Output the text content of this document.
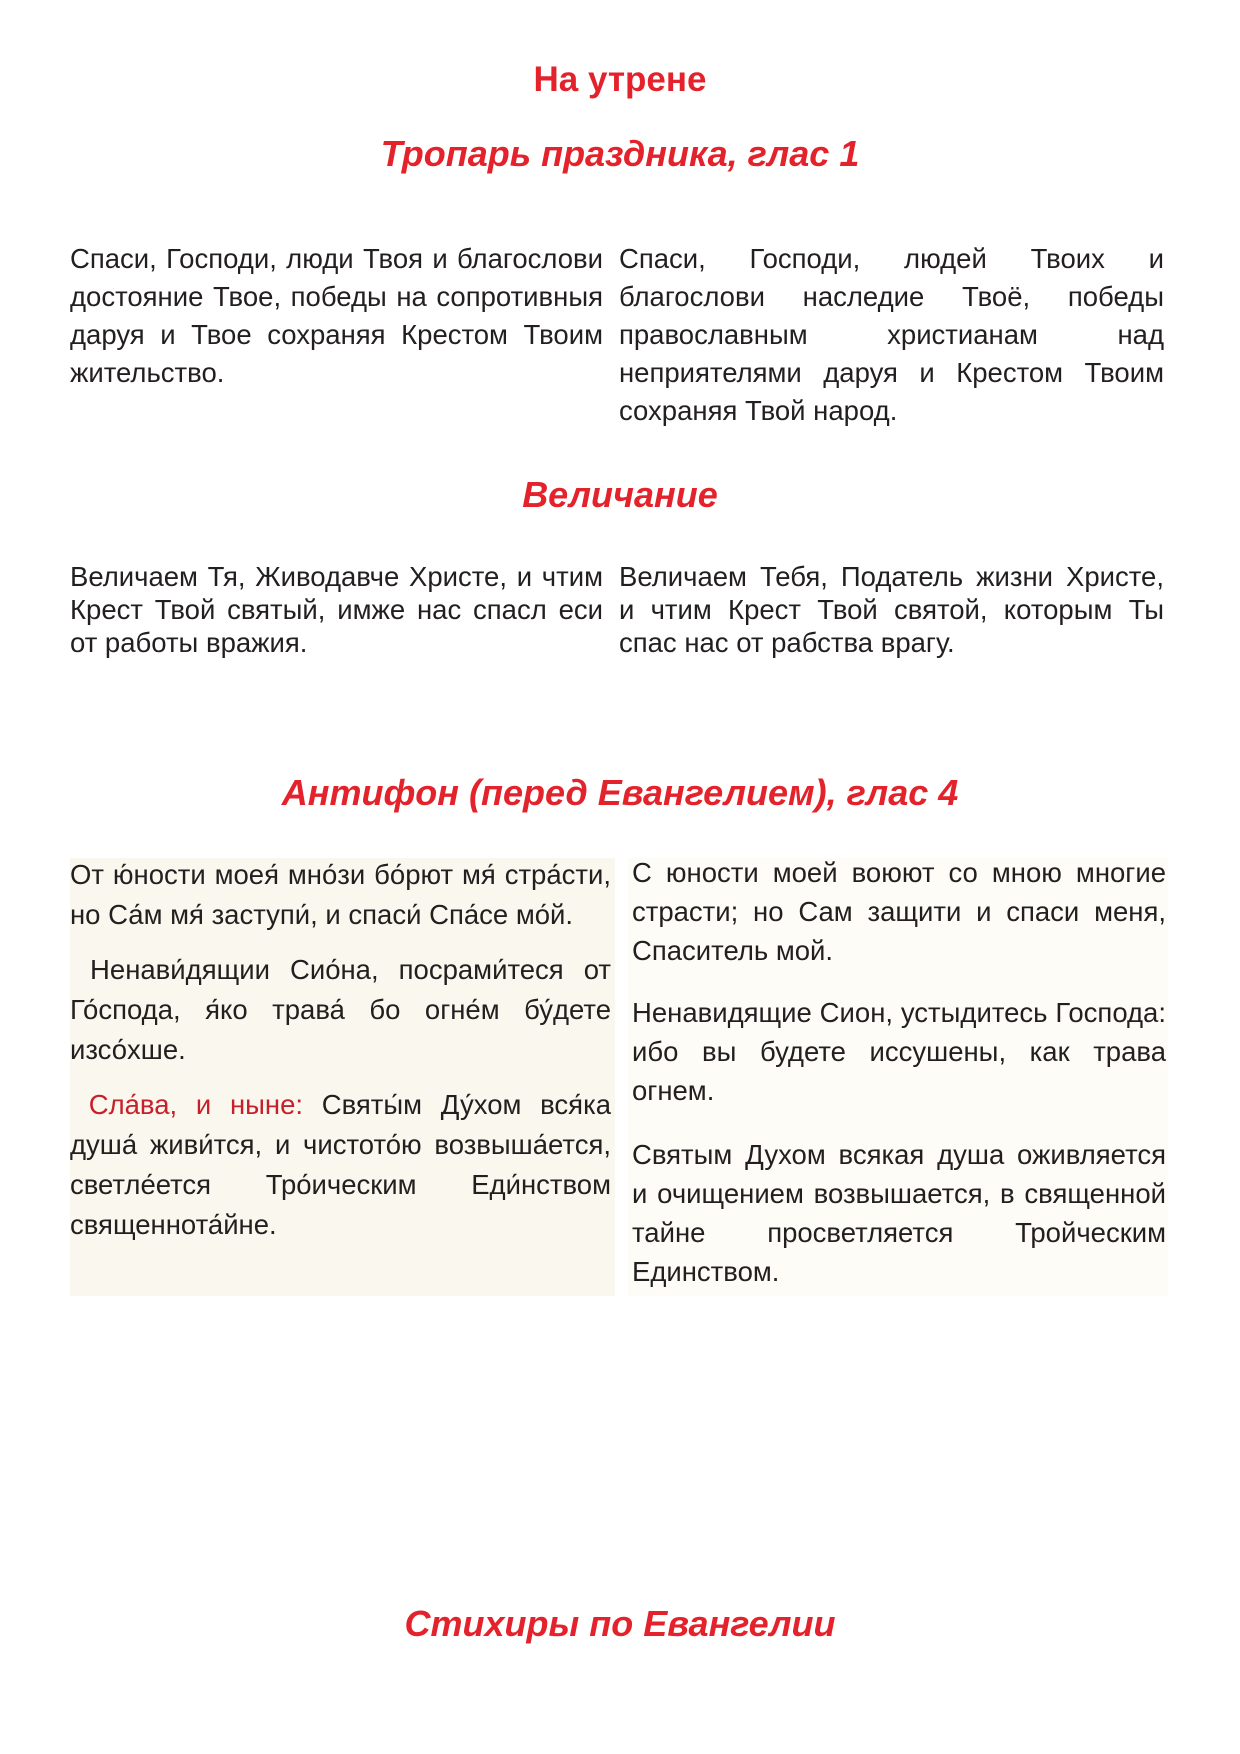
На утрене
Тропарь праздника, глас 1

Спаси, Господи, люди Твоя и благослови достояние Твое, победы на сопротивныя даруя и Твое сохраняя Крестом Твоим жительство.

Спаси, Господи, людей Твоих и благослови наследие Твоё, победы православным христианам над неприятелями даруя и Крестом Твоим сохраняя Твой народ.

Величание

Величаем Тя, Живодавче Христе, и чтим Крест Твой святый, имже нас спасл еси от работы вражия.

Величаем Тебя, Податель жизни Христе, и чтим Крест Твой святой, которым Ты спас нас от рабства врагу.

Антифон (перед Евангелием), глас 4

От ю́ности моея́ мно́зи бо́рют мя́ стра́сти, но Са́м мя́ заступи́, и спаси́ Спа́се мо́й.

Ненави́дящии Сио́на, посрами́теся от Го́спода, я́ко трава́ бо огне́м бу́дете изсо́хше.

Сла́ва, и ныне: Святы́м Ду́хом вся́ка душа́ живи́тся, и чистото́ю возвыша́ется, светле́ется Тро́ическим Еди́нством священнота́йне.

С юности моей воюют со мною многие страсти; но Сам защити и спаси меня, Спаситель мой.

Ненавидящие Сион, устыдитесь Господа: ибо вы будете иссушены, как трава огнем.

Святым Духом всякая душа оживляется и очищением возвышается, в священной тайне просветляется Тройческим Единством.

Стихиры по Евангелии
